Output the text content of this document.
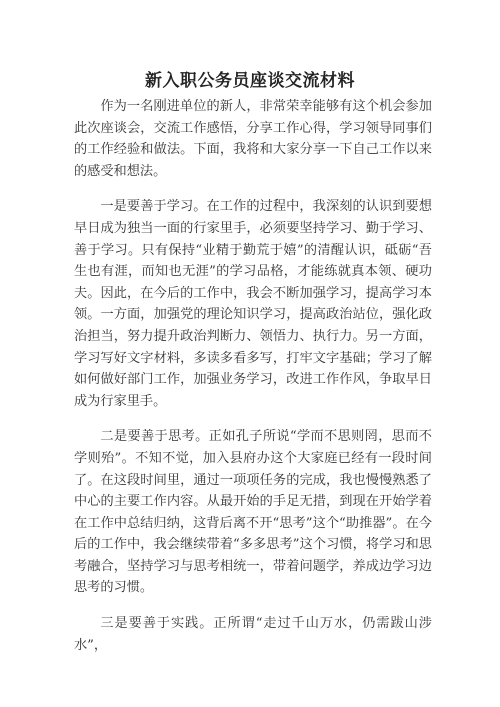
新入职公务员座谈交流材料

作为一名刚进单位的新人，非常荣幸能够有这个机会参加此次座谈会，交流工作感悟，分享工作心得，学习领导同事们的工作经验和做法。下面，我将和大家分享一下自己工作以来的感受和想法。

一是要善于学习。在工作的过程中，我深刻的认识到要想早日成为独当一面的行家里手，必须要坚持学习、勤于学习、善于学习。只有保持“业精于勤荒于嬉”的清醒认识，砥砺“吾生也有涯，而知也无涯”的学习品格，才能练就真本领、硬功夫。因此，在今后的工作中，我会不断加强学习，提高学习本领。一方面，加强党的理论知识学习，提高政治站位，强化政治担当，努力提升政治判断力、领悟力、执行力。另一方面，学习写好文字材料，多读多看多写，打牢文字基础；学习了解如何做好部门工作，加强业务学习，改进工作作风，争取早日成为行家里手。

二是要善于思考。正如孔子所说“学而不思则罔，思而不学则殆”。不知不觉，加入县府办这个大家庭已经有一段时间了。在这段时间里，通过一项项任务的完成，我也慢慢熟悉了中心的主要工作内容。从最开始的手足无措，到现在开始学着在工作中总结归纳，这背后离不开“思考”这个“助推器”。在今后的工作中，我会继续带着“多多思考”这个习惯，将学习和思考融合，坚持学习与思考相统一，带着问题学，养成边学习边思考的习惯。

三是要善于实践。正所谓“走过千山万水，仍需跋山涉水”，
